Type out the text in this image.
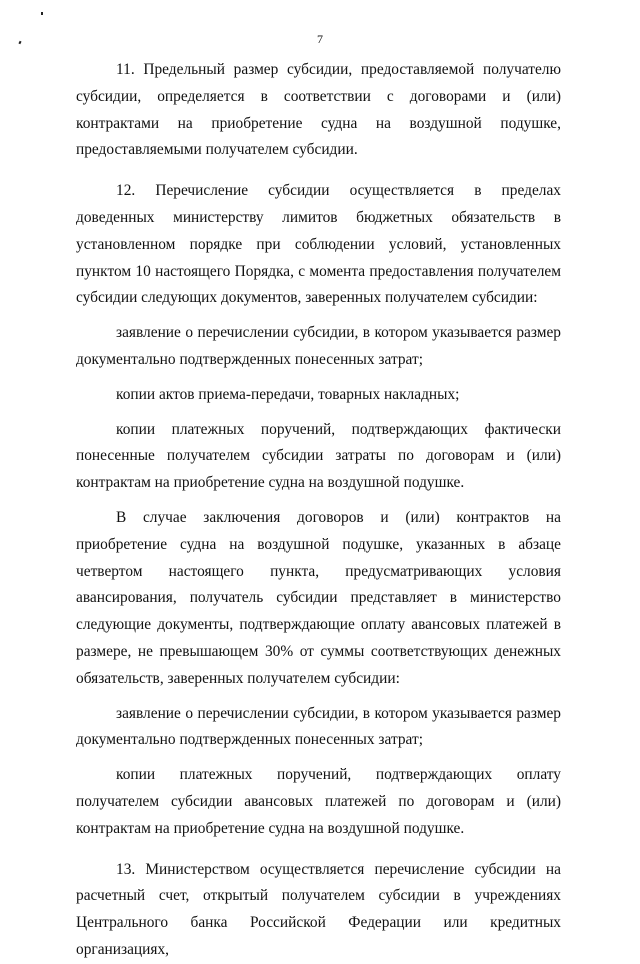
7

11. Предельный размер субсидии, предоставляемой получателю субсидии, определяется в соответствии с договорами и (или) контрактами на приобретение судна на воздушной подушке, предоставляемыми получателем субсидии.

12. Перечисление субсидии осуществляется в пределах доведенных министерству лимитов бюджетных обязательств в установленном порядке при соблюдении условий, установленных пунктом 10 настоящего Порядка, с момента предоставления получателем субсидии следующих документов, заверенных получателем субсидии:

заявление о перечислении субсидии, в котором указывается размер документально подтвержденных понесенных затрат;

копии актов приема-передачи, товарных накладных;

копии платежных поручений, подтверждающих фактически понесенные получателем субсидии затраты по договорам и (или) контрактам на приобретение судна на воздушной подушке.

В случае заключения договоров и (или) контрактов на приобретение судна на воздушной подушке, указанных в абзаце четвертом настоящего пункта, предусматривающих условия авансирования, получатель субсидии представляет в министерство следующие документы, подтверждающие оплату авансовых платежей в размере, не превышающем 30% от суммы соответствующих денежных обязательств, заверенных получателем субсидии:

заявление о перечислении субсидии, в котором указывается размер документально подтвержденных понесенных затрат;

копии платежных поручений, подтверждающих оплату получателем субсидии авансовых платежей по договорам и (или) контрактам на приобретение судна на воздушной подушке.

13. Министерством осуществляется перечисление субсидии на расчетный счет, открытый получателем субсидии в учреждениях Центрального банка Российской Федерации или кредитных организациях,
